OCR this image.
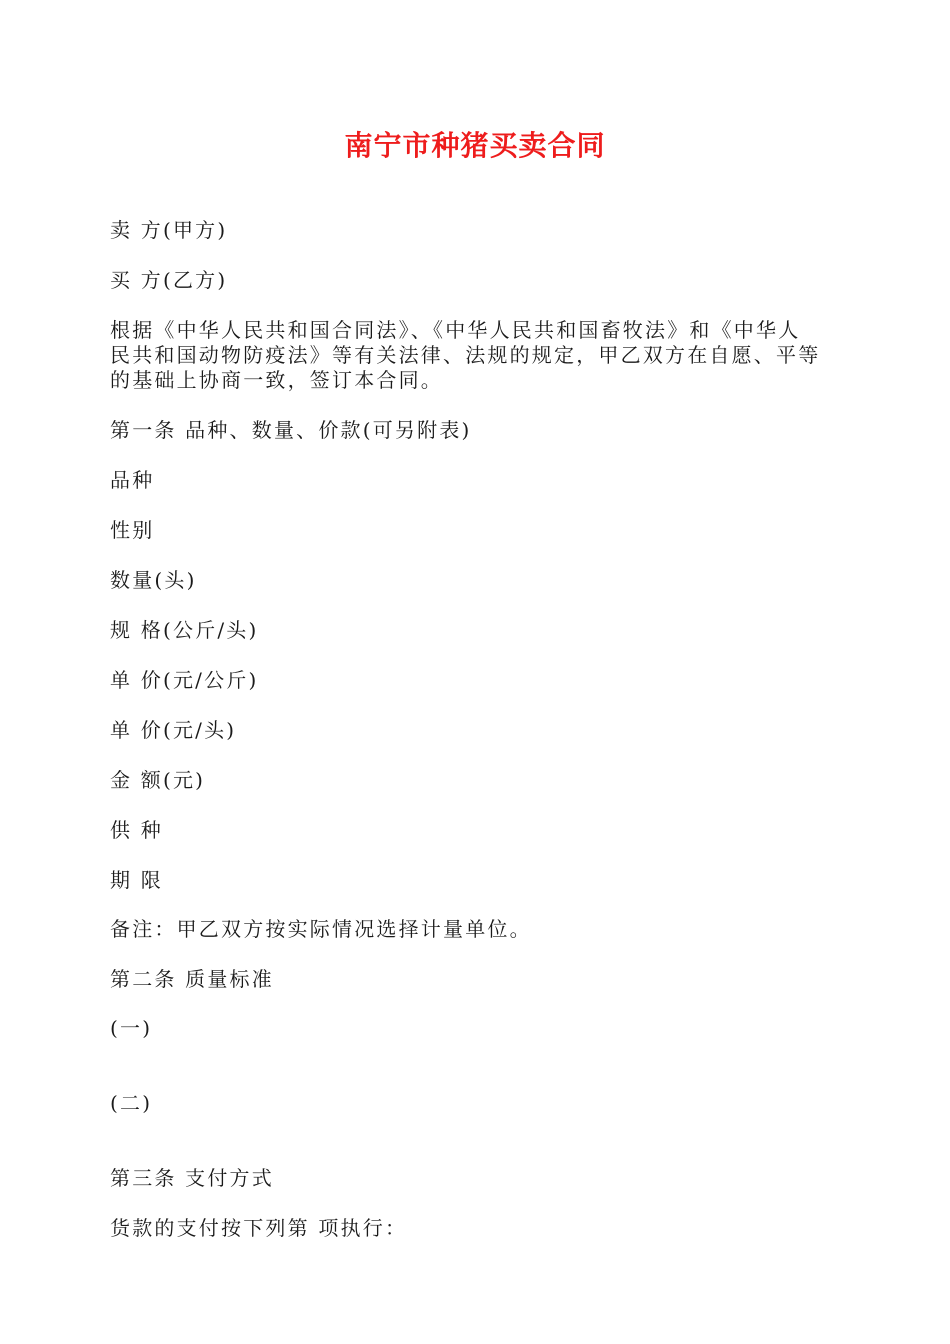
南宁市种猪买卖合同
卖 方(甲方)
买 方(乙方)
根据《中华人民共和国合同法》、《中华人民共和国畜牧法》和《中华人
民共和国动物防疫法》等有关法律、法规的规定，甲乙双方在自愿、平等
的基础上协商一致，签订本合同。
第一条 品种、数量、价款(可另附表)
品种
性别
数量(头)
规 格(公斤/头)
单 价(元/公斤)
单 价(元/头)
金 额(元)
供 种
期 限
备注：甲乙双方按实际情况选择计量单位。
第二条 质量标准
(一)
(二)
第三条 支付方式
货款的支付按下列第 项执行：
